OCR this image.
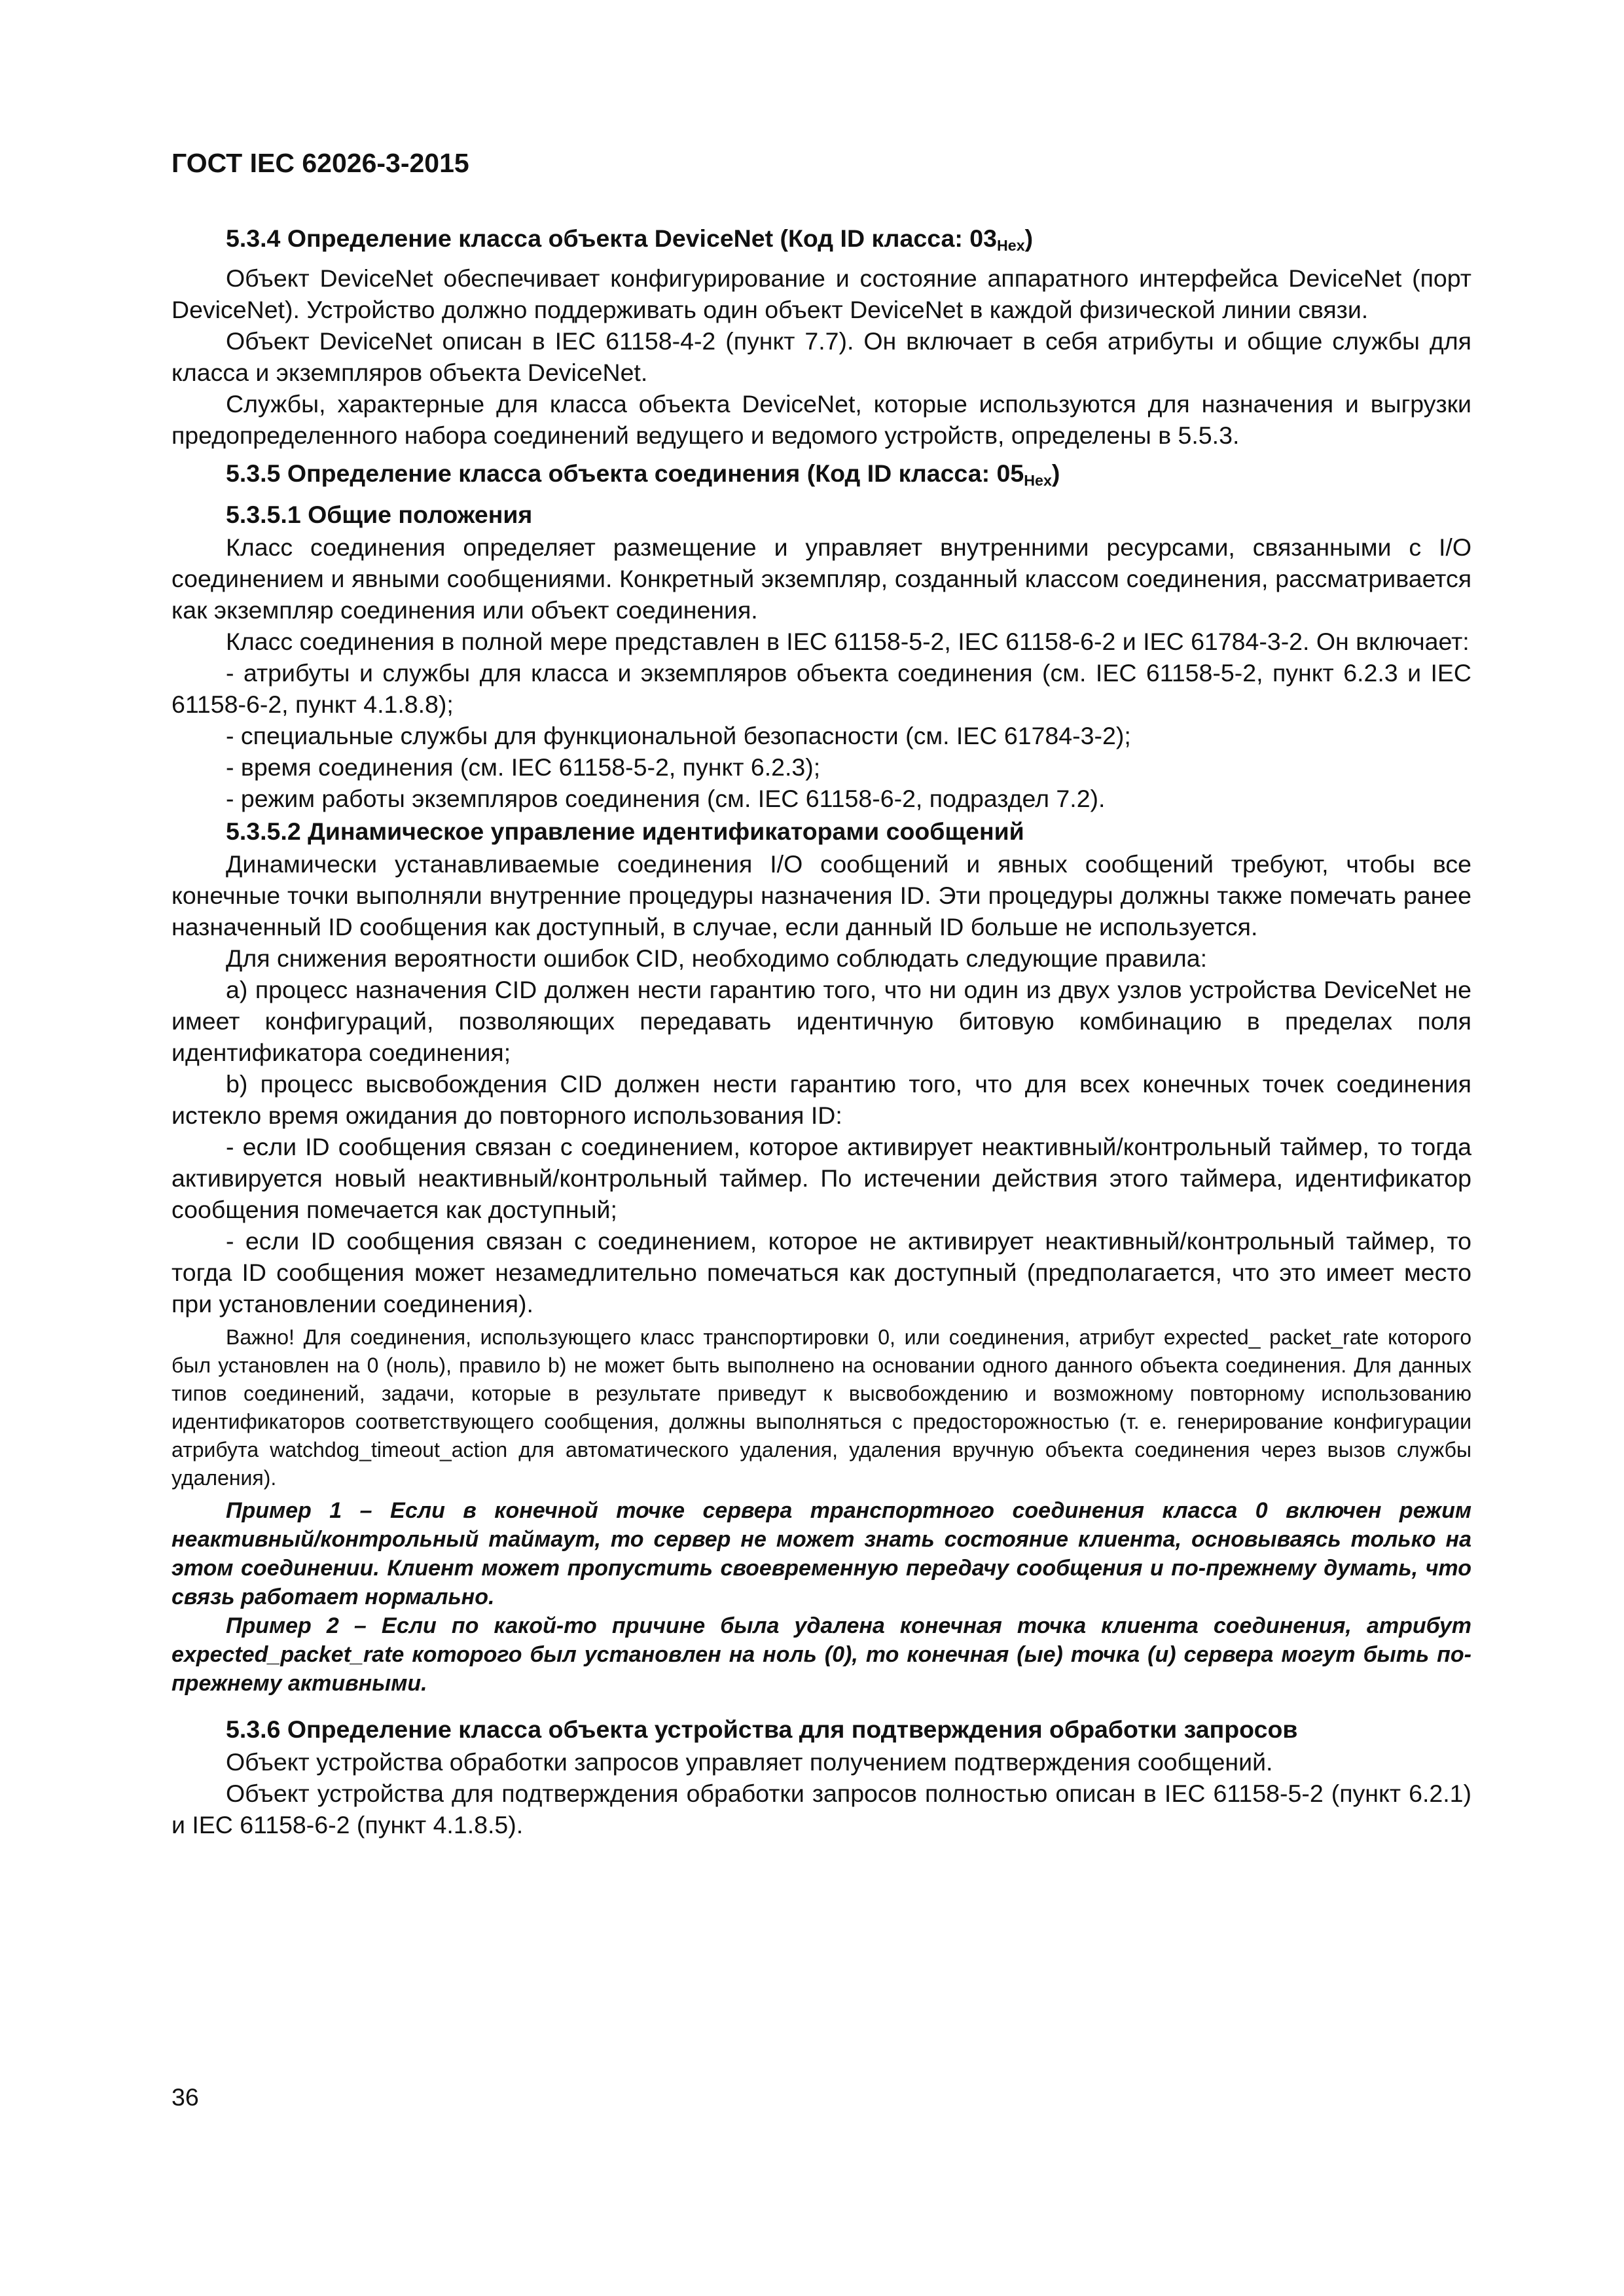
ГОСТ IEC 62026-3-2015
5.3.4 Определение класса объекта DeviceNet (Код ID класса: $03_{Hex}$)

Объект DeviceNet обеспечивает конфигурирование и состояние аппаратного интерфейса DeviceNet (порт DeviceNet). Устройство должно поддерживать один объект DeviceNet в каждой физической линии связи.

Объект DeviceNet описан в IEC 61158-4-2 (пункт 7.7). Он включает в себя атрибуты и общие службы для класса и экземпляров объекта DeviceNet.

Службы, характерные для класса объекта DeviceNet, которые используются для назначения и выгрузки предопределенного набора соединений ведущего и ведомого устройств, определены в 5.5.3.

5.3.5 Определение класса объекта соединения (Код ID класса: $05_{Hex}$)
5.3.5.1 Общие положения

Класс соединения определяет размещение и управляет внутренними ресурсами, связанными с I/O соединением и явными сообщениями. Конкретный экземпляр, созданный классом соединения, рассматривается как экземпляр соединения или объект соединения.

Класс соединения в полной мере представлен в IEC 61158-5-2, IEC 61158-6-2 и IEC 61784-3-2. Он включает:

- атрибуты и службы для класса и экземпляров объекта соединения (см. IEC 61158-5-2, пункт 6.2.3 и IEC 61158-6-2, пункт 4.1.8.8);

- специальные службы для функциональной безопасности (см. IEC 61784-3-2);

- время соединения (см. IEC 61158-5-2, пункт 6.2.3);

- режим работы экземпляров соединения (см. IEC 61158-6-2, подраздел 7.2).

5.3.5.2 Динамическое управление идентификаторами сообщений

Динамически устанавливаемые соединения I/O сообщений и явных сообщений требуют, чтобы все конечные точки выполняли внутренние процедуры назначения ID. Эти процедуры должны также помечать ранее назначенный ID сообщения как доступный, в случае, если данный ID больше не используется.

Для снижения вероятности ошибок CID, необходимо соблюдать следующие правила:

a) процесс назначения CID должен нести гарантию того, что ни один из двух узлов устройства DeviceNet не имеет конфигураций, позволяющих передавать идентичную битовую комбинацию в пределах поля идентификатора соединения;

b) процесс высвобождения CID должен нести гарантию того, что для всех конечных точек соединения истекло время ожидания до повторного использования ID:

- если ID сообщения связан с соединением, которое активирует неактивный/контрольный таймер, то тогда активируется новый неактивный/контрольный таймер. По истечении действия этого таймера, идентификатор сообщения помечается как доступный;

- если ID сообщения связан с соединением, которое не активирует неактивный/контрольный таймер, то тогда ID сообщения может незамедлительно помечаться как доступный (предполагается, что это имеет место при установлении соединения).

Важно! Для соединения, использующего класс транспортировки 0, или соединения, атрибут expected_ packet_rate которого был установлен на 0 (ноль), правило b) не может быть выполнено на основании одного данного объекта соединения. Для данных типов соединений, задачи, которые в результате приведут к высвобождению и возможному повторному использованию идентификаторов соответствующего сообщения, должны выполняться с предосторожностью (т. е. генерирование конфигурации атрибута watchdog_timeout_action для автоматического удаления, удаления вручную объекта соединения через вызов службы удаления).

Пример 1 – Если в конечной точке сервера транспортного соединения класса 0 включен режим неактивный/контрольный таймаут, то сервер не может знать состояние клиента, основываясь только на этом соединении. Клиент может пропустить своевременную передачу сообщения и по-прежнему думать, что связь работает нормально.

Пример 2 – Если по какой-то причине была удалена конечная точка клиента соединения, атрибут expected_packet_rate которого был установлен на ноль (0), то конечная (ые) точка (и) сервера могут быть по-прежнему активными.

5.3.6 Определение класса объекта устройства для подтверждения обработки запросов

Объект устройства обработки запросов управляет получением подтверждения сообщений.

Объект устройства для подтверждения обработки запросов полностью описан в IEC 61158-5-2 (пункт 6.2.1) и IEC 61158-6-2 (пункт 4.1.8.5).

36
